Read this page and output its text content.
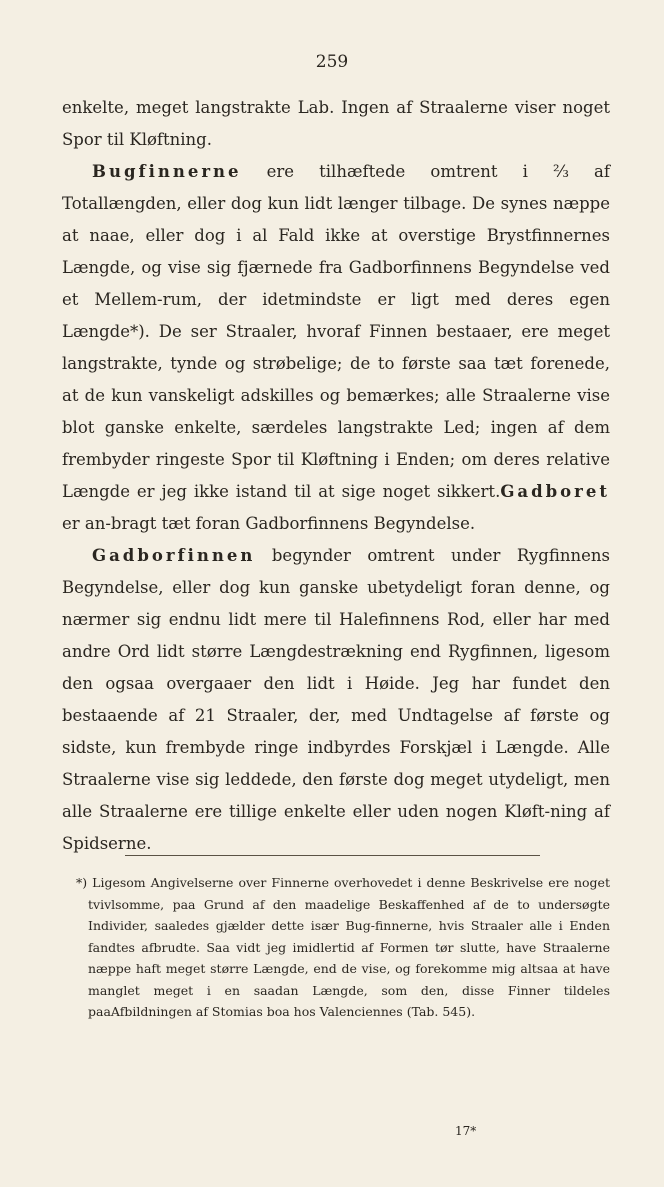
259

enkelte, meget langstrakte Lab. Ingen af Straalerne viser noget Spor til Kløftning.

Bugfinnerne ere tilhæftede omtrent i ⅔ af Totallængden, eller dog kun lidt længer tilbage. De synes næppe at naae, eller dog i al Fald ikke at overstige Brystfinnernes Længde, og vise sig fjærnede fra Gadborfinnens Begyndelse ved et Mellem-rum, der idetmindste er ligt med deres egen Længde*). De ser Straaler, hvoraf Finnen bestaaer, ere meget langstrakte, tynde og strøbelige; de to første saa tæt forenede, at de kun vanskeligt adskilles og bemærkes; alle Straalerne vise blot ganske enkelte, særdeles langstrakte Led; ingen af dem frembyder ringeste Spor til Kløftning i Enden; om deres relative Længde er jeg ikke istand til at sige noget sikkert.Gadboret er an-bragt tæt foran Gadborfinnens Begyndelse.

Gadborfinnen begynder omtrent under Rygfinnens Begyndelse, eller dog kun ganske ubetydeligt foran denne, og nærmer sig endnu lidt mere til Halefinnens Rod, eller har med andre Ord lidt større Længdestrækning end Rygfinnen, ligesom den ogsaa overgaaer den lidt i Høide. Jeg har fundet den bestaaende af 21 Straaler, der, med Undtagelse af første og sidste, kun frembyde ringe indbyrdes Forskjæl i Længde. Alle Straalerne vise sig leddede, den første dog meget utydeligt, men alle Straalerne ere tillige enkelte eller uden nogen Kløft-ning af Spidserne.

*) Ligesom Angivelserne over Finnerne overhovedet i denne Beskrivelse ere noget tvivlsomme, paa Grund af den maadelige Beskaffenhed af de to undersøgte Individer, saaledes gjælder dette især Bug-finnerne, hvis Straaler alle i Enden fandtes afbrudte. Saa vidt jeg imidlertid af Formen tør slutte, have Straalerne næppe haft meget større Længde, end de vise, og forekomme mig altsaa at have manglet meget i en saadan Længde, som den, disse Finner tildeles paaAfbildningen af Stomias boa hos Valenciennes (Tab. 545).
17*
